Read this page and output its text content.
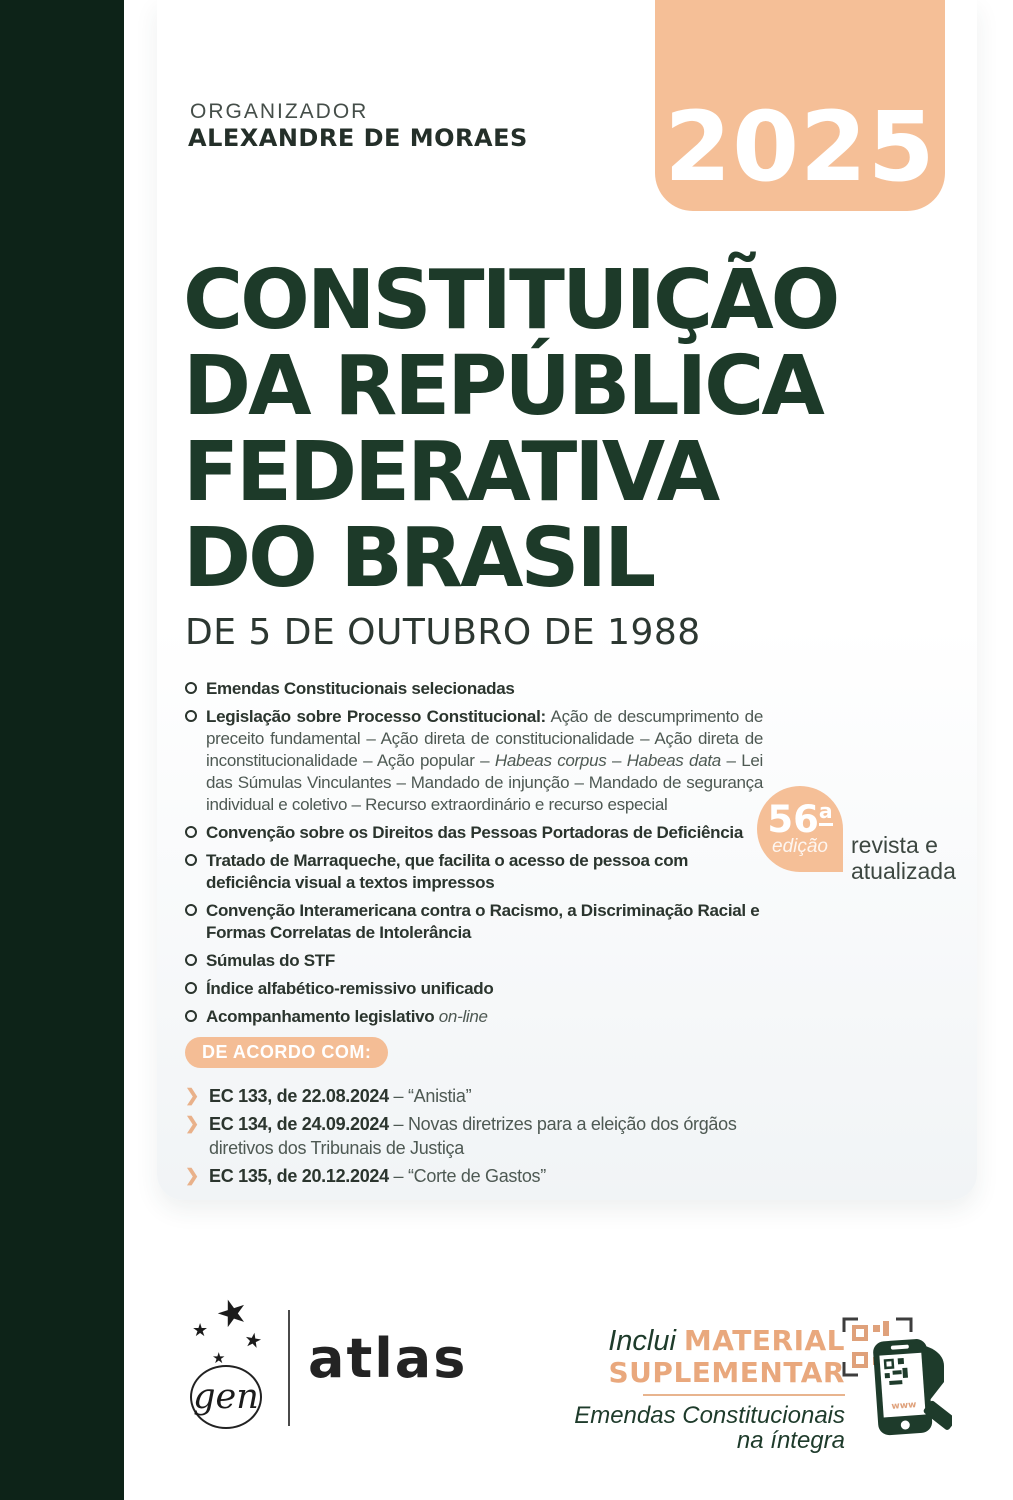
ORGANIZADOR
ALEXANDRE DE MORAES 2025
CONSTITUIÇÃO
DA REPÚBLICA
FEDERATIVA
DO BRASIL
DE 5 DE OUTUBRO DE 1988
Emendas Constitucionais selecionadas
Legislação sobre Processo Constitucional: Ação de descumprimento de preceito fundamental – Ação direta de constitucionalidade – Ação direta de inconstitucionalidade – Ação popular – Habeas corpus – Habeas data – Lei das Súmulas Vinculantes – Mandado de injunção – Mandado de segurança individual e coletivo – Recurso extraordinário e recurso especial
Convenção sobre os Direitos das Pessoas Portadoras de Deficiência
Tratado de Marraqueche, que facilita o acesso de pessoa com deficiência visual a textos impressos
Convenção Interamericana contra o Racismo, a Discriminação Racial e Formas Correlatas de Intolerância
Súmulas do STF
Índice alfabético-remissivo unificado
Acompanhamento legislativo on-line
56$^a$
edição revista e
atualizada
DE ACORDO COM:
❯ EC 133, de 22.08.2024 – “Anistia”
❯ EC 134, de 24.09.2024 – Novas diretrizes para a eleição dos órgãos diretivos dos Tribunais de Justiça
❯ EC 135, de 20.12.2024 – “Corte de Gastos”
★
★ ★
★
gen
atlas	Inclui MATERIAL
SUPLEMENTAR
Emendas Constitucionais
na íntegra
www
